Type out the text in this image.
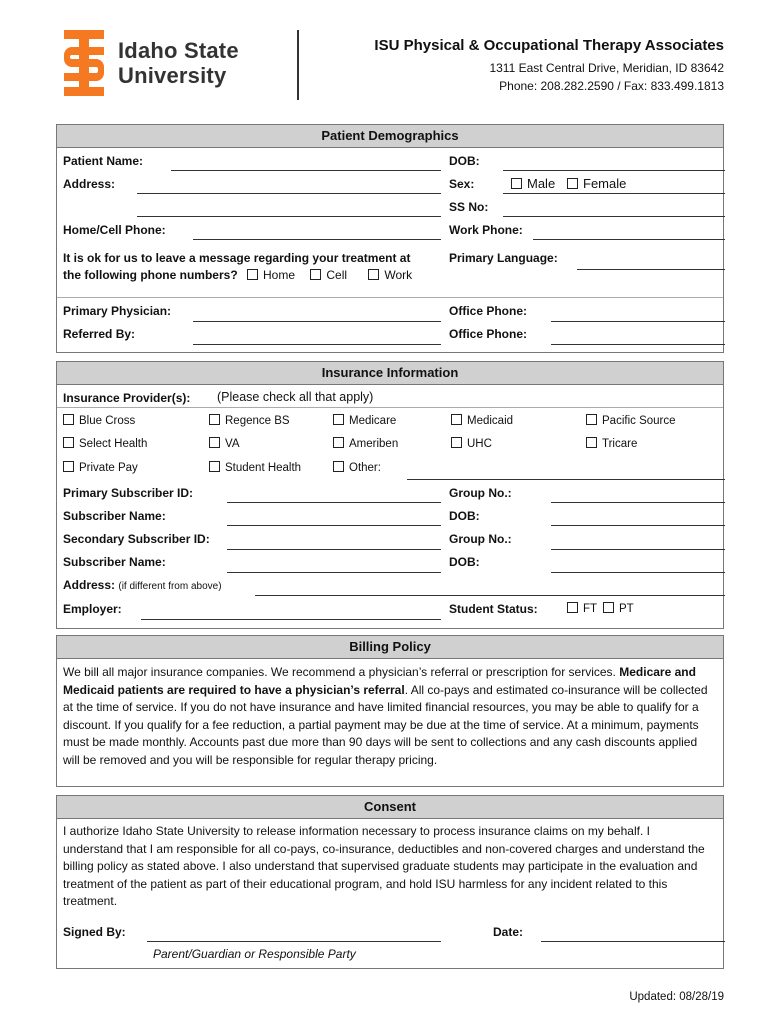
Idaho State
University
ISU Physical & Occupational Therapy Associates
1311 East Central Drive, Meridian, ID 83642
Phone: 208.282.2590 / Fax: 833.499.1813
Patient Demographics
Patient Name:	DOB:
Address:	Sex:	Male	Female
SS No:
Home/Cell Phone:	Work Phone:
It is ok for us to leave a message regarding your treatment at
the following phone numbers? Home	Cell	Work
Primary Language:
Primary Physician:	Office Phone:
Referred By:	Office Phone:
Insurance Information
Insurance Provider(s): (Please check all that apply)
Blue Cross	Regence BS	Medicare	Medicaid	Pacific Source
Select Health	VA	Ameriben	UHC	Tricare
Private Pay	Student Health	Other:
Primary Subscriber ID:	Group No.:
Subscriber Name:	DOB:
Secondary Subscriber ID:	Group No.:
Subscriber Name:	DOB:
Address: (if different from above)
Employer:	Student Status:	FT	PT
Billing Policy
We bill all major insurance companies. We recommend a physician’s referral or prescription for services. Medicare and Medicaid patients are required to have a physician’s referral. All co-pays and estimated co-insurance will be collected at the time of service. If you do not have insurance and have limited financial resources, you may be able to qualify for a discount. If you qualify for a fee reduction, a partial payment may be due at the time of service. At a minimum, payments must be made monthly. Accounts past due more than 90 days will be sent to collections and any cash discounts applied will be removed and you will be responsible for regular therapy pricing.
Consent
I authorize Idaho State University to release information necessary to process insurance claims on my behalf. I understand that I am responsible for all co-pays, co-insurance, deductibles and non-covered charges and understand the billing policy as stated above. I also understand that supervised graduate students may participate in the evaluation and treatment of the patient as part of their educational program, and hold ISU harmless for any incident related to this treatment.
Signed By:	Date:
Parent/Guardian or Responsible Party
Updated: 08/28/19
